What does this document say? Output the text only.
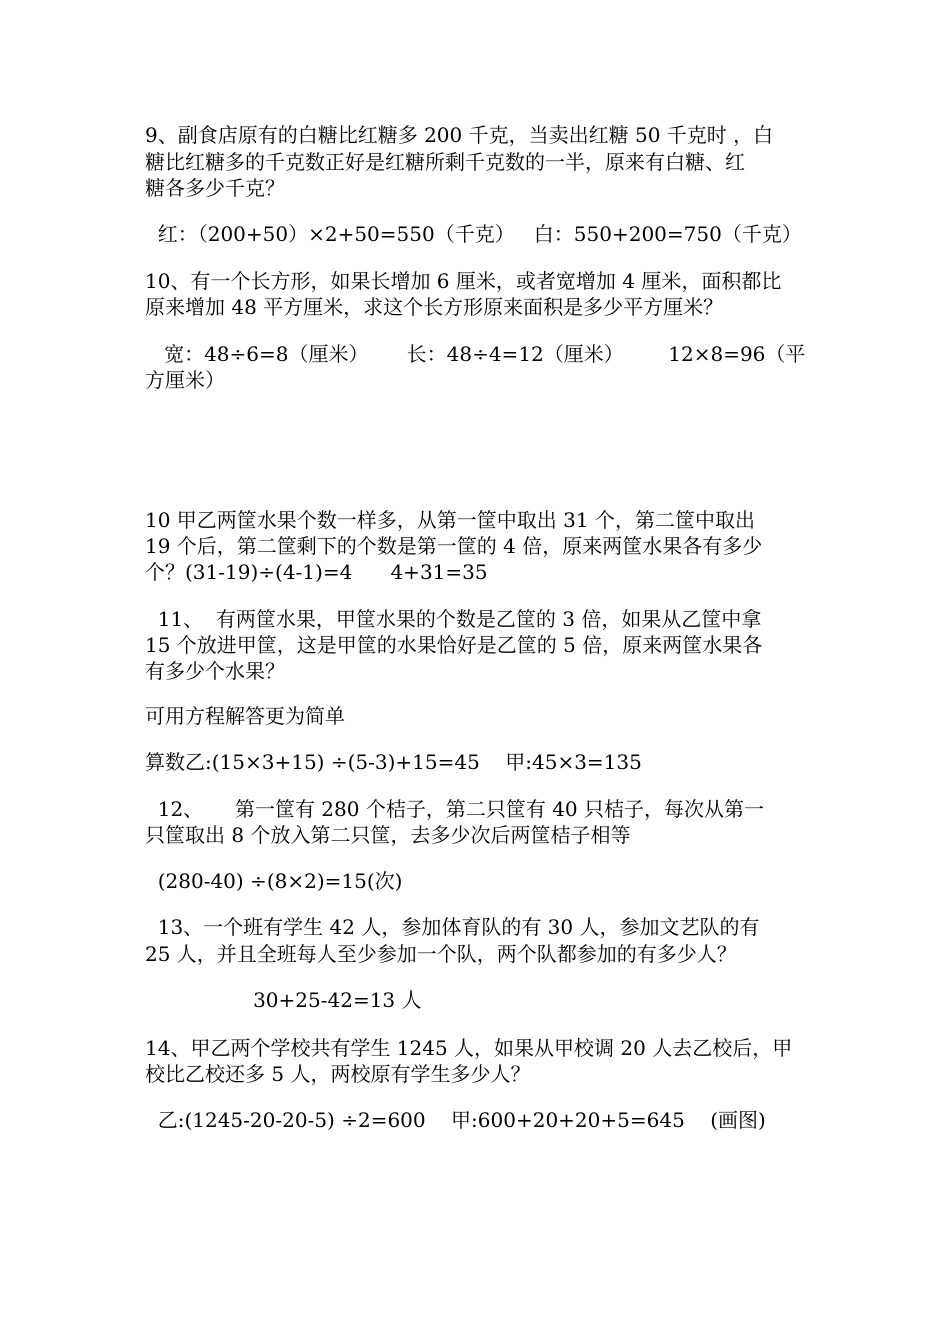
9、副食店原有的白糖比红糖多 200 千克，当卖出红糖 50 千克时 ，白
糖比红糖多的千克数正好是红糖所剩千克数的一半，原来有白糖、红
糖各多少千克？
红：（200+50）×2+50=550（千克）   白：550+200=750（千克）
10、有一个长方形，如果长增加 6 厘米，或者宽增加 4 厘米，面积都比
原来增加 48 平方厘米，求这个长方形原来面积是多少平方厘米？
宽：48÷6=8（厘米）      长：48÷4=12（厘米）       12×8=96（平
方厘米）
10 甲乙两筐水果个数一样多，从第一筐中取出 31 个，第二筐中取出
19 个后，第二筐剩下的个数是第一筐的 4 倍，原来两筐水果各有多少
个？(31-19)÷(4-1)=4      4+31=35
11、  有两筐水果，甲筐水果的个数是乙筐的 3 倍，如果从乙筐中拿
15 个放进甲筐，这是甲筐的水果恰好是乙筐的 5 倍，原来两筐水果各
有多少个水果？
可用方程解答更为简单
算数乙:(15×3+15) ÷(5-3)+15=45    甲:45×3=135
12、     第一筐有 280 个桔子，第二只筐有 40 只桔子，每次从第一
只筐取出 8 个放入第二只筐，去多少次后两筐桔子相等
(280-40) ÷(8×2)=15(次)
13、一个班有学生 42 人，参加体育队的有 30 人，参加文艺队的有
25 人，并且全班每人至少参加一个队，两个队都参加的有多少人？
30+25-42=13 人
14、甲乙两个学校共有学生 1245 人，如果从甲校调 20 人去乙校后，甲
校比乙校还多 5 人，两校原有学生多少人？
乙:(1245-20-20-5) ÷2=600    甲:600+20+20+5=645    (画图)
